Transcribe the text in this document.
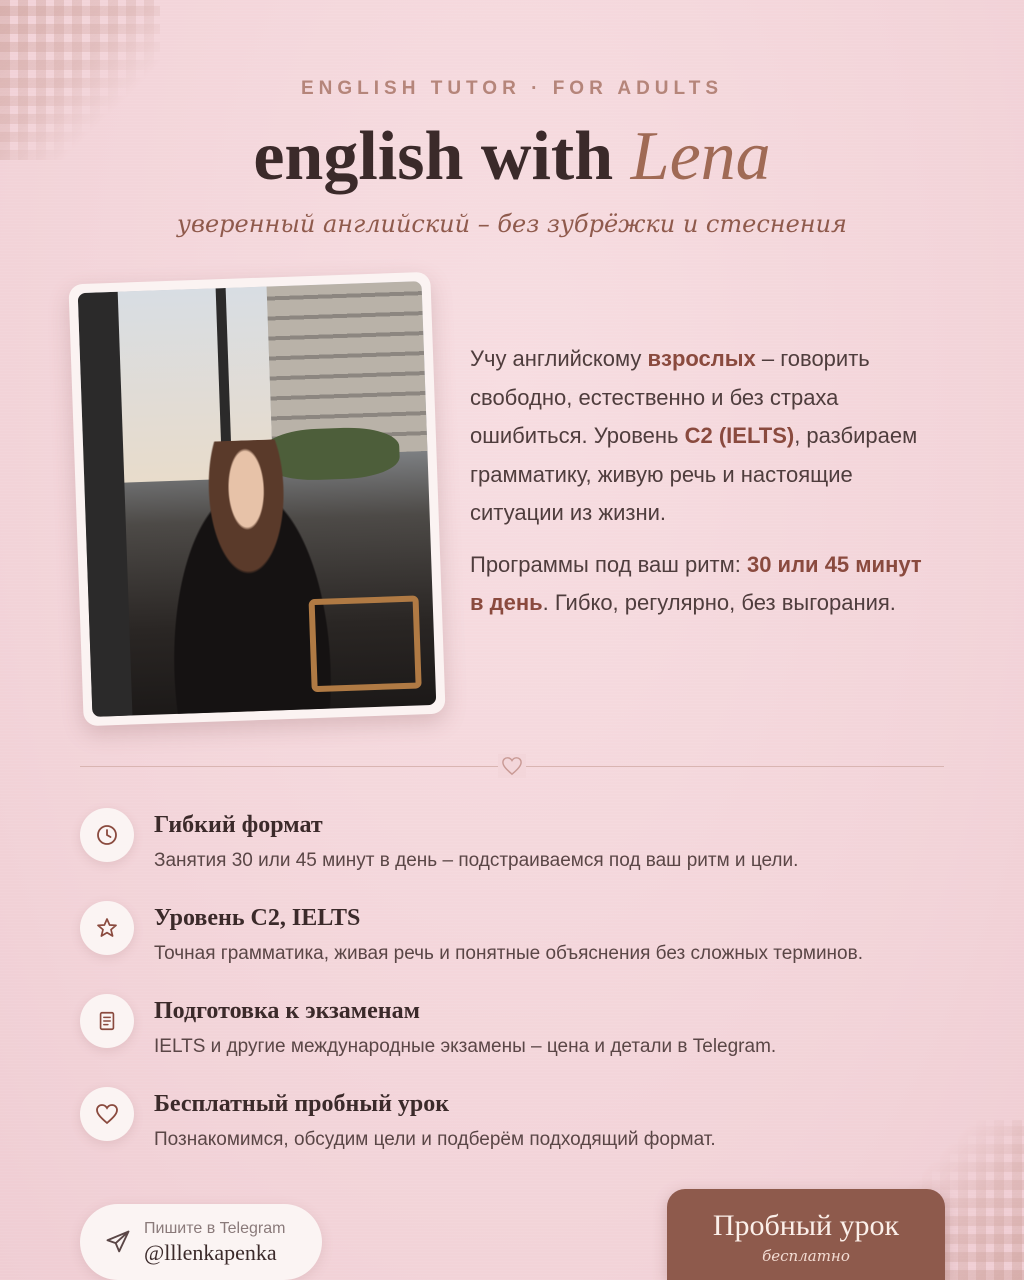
ENGLISH TUTOR · FOR ADULTS
english with Lena
уверенный английский – без зубрёжки и стеснения

Учу английскому взрослых – говорить свободно, естественно и без страха ошибиться. Уровень C2 (IELTS), разбираем грамматику, живую речь и настоящие ситуации из жизни.

Программы под ваш ритм: 30 или 45 минут в день. Гибко, регулярно, без выгорания.

Гибкий формат
Занятия 30 или 45 минут в день – подстраиваемся под ваш ритм и цели.
Уровень C2, IELTS
Точная грамматика, живая речь и понятные объяснения без сложных терминов.
Подготовка к экзаменам
IELTS и другие международные экзамены – цена и детали в Telegram.
Бесплатный пробный урок
Познакомимся, обсудим цели и подберём подходящий формат.
Пишите в Telegram
@lllenkapenka
Пробный урок
бесплатно
